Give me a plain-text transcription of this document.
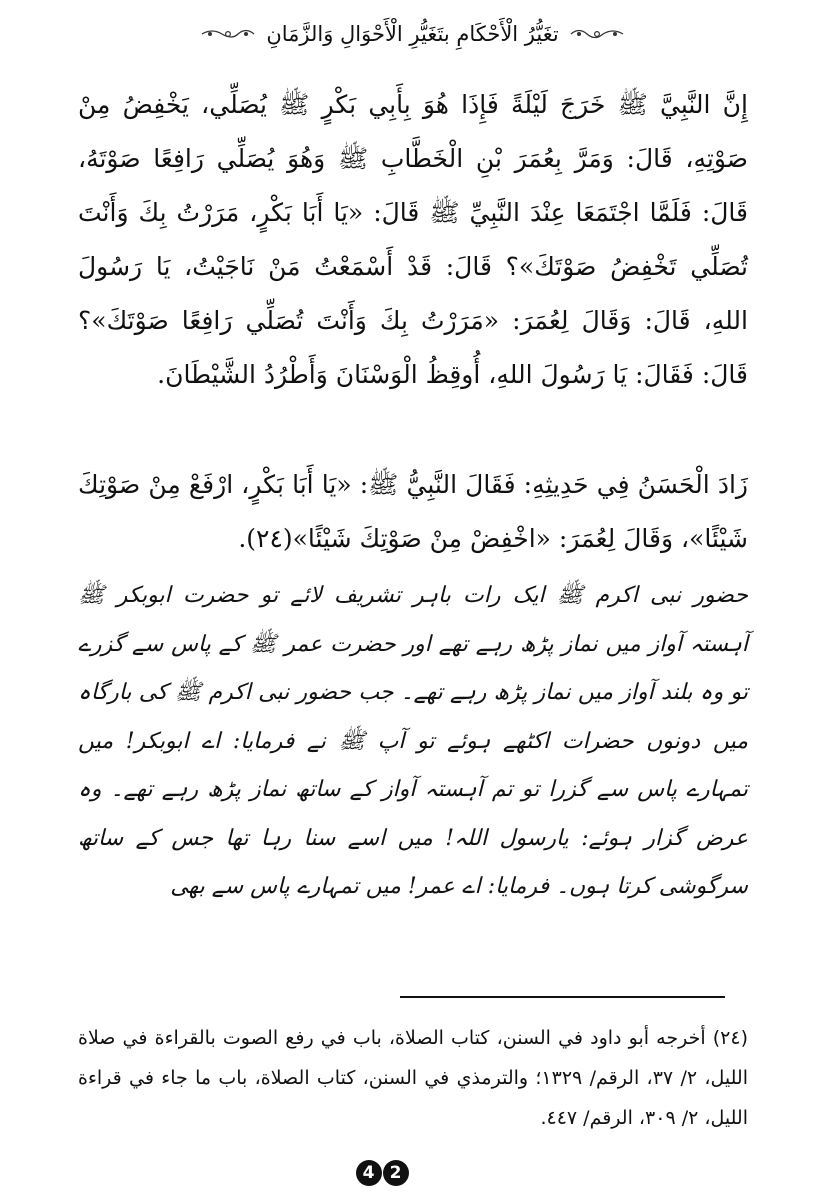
تغَيُّرُ الْأَحْكَامِ بتَغَيُّرِ الْأَحْوَالِ وَالزَّمَانِ

إِنَّ النَّبِيَّ ﷺ خَرَجَ لَيْلَةً فَإِذَا هُوَ بِأَبِي بَكْرٍ ﷺ يُصَلِّي، يَخْفِضُ مِنْ صَوْتِهِ، قَالَ: وَمَرَّ بِعُمَرَ بْنِ الْخَطَّابِ ﷺ وَهُوَ يُصَلِّي رَافِعًا صَوْتَهُ، قَالَ: فَلَمَّا اجْتَمَعَا عِنْدَ النَّبِيِّ ﷺ قَالَ: «يَا أَبَا بَكْرٍ، مَرَرْتُ بِكَ وَأَنْتَ تُصَلِّي تَخْفِضُ صَوْتَكَ»؟ قَالَ: قَدْ أَسْمَعْتُ مَنْ نَاجَيْتُ، يَا رَسُولَ اللهِ، قَالَ: وَقَالَ لِعُمَرَ: «مَرَرْتُ بِكَ وَأَنْتَ تُصَلِّي رَافِعًا صَوْتَكَ»؟ قَالَ: فَقَالَ: يَا رَسُولَ اللهِ، أُوقِظُ الْوَسْنَانَ وَأَطْرُدُ الشَّيْطَانَ.

زَادَ الْحَسَنُ فِي حَدِيثِهِ: فَقَالَ النَّبِيُّ ﷺ: «يَا أَبَا بَكْرٍ، ارْفَعْ مِنْ صَوْتِكَ شَيْئًا»، وَقَالَ لِعُمَرَ: «اخْفِضْ مِنْ صَوْتِكَ شَيْئًا»(٢٤).

حضور نبی اکرم ﷺ ایک رات باہر تشریف لائے تو حضرت ابوبکر ﷺ آہستہ آواز میں نماز پڑھ رہے تھے اور حضرت عمر ﷺ کے پاس سے گزرے تو وہ بلند آواز میں نماز پڑھ رہے تھے۔ جب حضور نبی اکرم ﷺ کی بارگاہ میں دونوں حضرات اکٹھے ہوئے تو آپ ﷺ نے فرمایا: اے ابوبکر! میں تمہارے پاس سے گزرا تو تم آہستہ آواز کے ساتھ نماز پڑھ رہے تھے۔ وہ عرض گزار ہوئے: یارسول اللہ! میں اسے سنا رہا تھا جس کے ساتھ سرگوشی کرتا ہوں۔ فرمایا: اے عمر! میں تمہارے پاس سے بھی

(٢٤) أخرجه أبو داود في السنن، كتاب الصلاة، باب في رفع الصوت بالقراءة في صلاة الليل، ٢/ ٣٧، الرقم/ ١٣٢٩؛ والترمذي في السنن، كتاب الصلاة، باب ما جاء في قراءة الليل، ٢/ ٣٠٩، الرقم/ ٤٤٧.

4 2
